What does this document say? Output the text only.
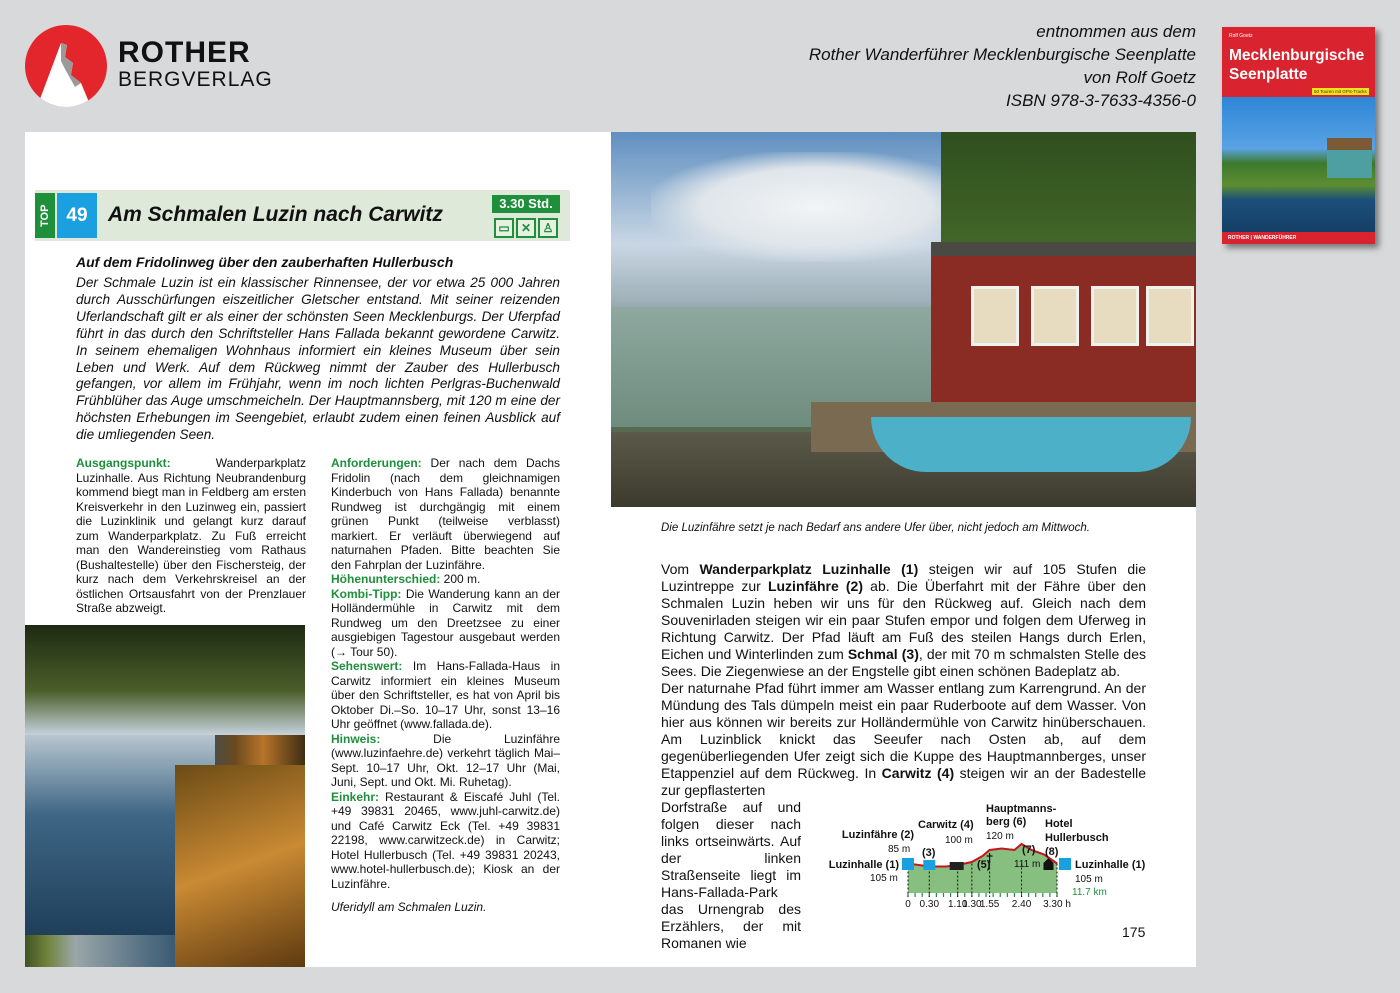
ROTHER
BERGVERLAG
entnommen aus dem
Rother Wanderführer Mecklenburgische Seenplatte
von Rolf Goetz
ISBN 978-3-7633-4356-0
Rolf Goetz
Mecklenburgische
Seenplatte
50 Touren mit GPS-Tracks
ROTHER | WANDERFÜHRER
TOP 49 Am Schmalen Luzin nach Carwitz	3.30 Std.
▭ ✕ ♙
Auf dem Fridolinweg über den zauberhaften Hullerbusch
Der Schmale Luzin ist ein klassischer Rinnensee, der vor etwa 25 000 Jahren durch Ausschürfungen eiszeitlicher Gletscher entstand. Mit seiner reizenden Uferlandschaft gilt er als einer der schönsten Seen Mecklenburgs. Der Uferpfad führt in das durch den Schriftsteller Hans Fallada bekannt gewordene Carwitz. In seinem ehemaligen Wohnhaus informiert ein kleines Museum über sein Leben und Werk. Auf dem Rückweg nimmt der Zauber des Hullerbusch gefangen, vor allem im Frühjahr, wenn im noch lichten Perlgras-Buchenwald Frühblüher das Auge umschmeicheln. Der Hauptmannsberg, mit 120 m eine der höchsten Erhebungen im Seengebiet, erlaubt zudem einen feinen Ausblick auf die umliegenden Seen.
Ausgangspunkt: Wanderparkplatz Luzinhalle. Aus Richtung Neubrandenburg kommend biegt man in Feldberg am ersten Kreisverkehr in den Luzinweg ein, passiert die Luzinklinik und gelangt kurz darauf zum Wanderparkplatz. Zu Fuß erreicht man den Wandereinstieg vom Rathaus (Bushaltestelle) über den Fischersteig, der kurz nach dem Verkehrskreisel an der östlichen Ortsausfahrt von der Prenzlauer Straße abzweigt.
Anforderungen: Der nach dem Dachs Fridolin (nach dem gleichnamigen Kinderbuch von Hans Fallada) benannte Rundweg ist durchgängig mit einem grünen Punkt (teilweise verblasst) markiert. Er verläuft überwiegend auf naturnahen Pfaden. Bitte beachten Sie den Fahrplan der Luzinfähre.
Höhenunterschied: 200 m.
Kombi-Tipp: Die Wanderung kann an der Holländermühle in Carwitz mit dem Rundweg um den Dreetzsee zu einer ausgiebigen Tagestour ausgebaut werden (→ Tour 50).
Sehenswert: Im Hans-Fallada-Haus in Carwitz informiert ein kleines Museum über den Schriftsteller, es hat von April bis Oktober Di.–So. 10–17 Uhr, sonst 13–16 Uhr geöffnet (www.fallada.de).
Hinweis: Die Luzinfähre (www.luzinfaehre.de) verkehrt täglich Mai–Sept. 10–17 Uhr, Okt. 12–17 Uhr (Mai, Juni, Sept. und Okt. Mi. Ruhetag).
Einkehr: Restaurant & Eiscafé Juhl (Tel. +49 39831 20465, www.juhl-carwitz.de) und Café Carwitz Eck (Tel. +49 39831 22198, www.carwitzeck.de) in Carwitz; Hotel Hullerbusch (Tel. +49 39831 20243, www.hotel-hullerbusch.de); Kiosk an der Luzinfähre.
Uferidyll am Schmalen Luzin.
Die Luzinfähre setzt je nach Bedarf ans andere Ufer über, nicht jedoch am Mittwoch.
Vom Wanderparkplatz Luzinhalle (1) steigen wir auf 105 Stufen die Luzintreppe zur Luzinfähre (2) ab. Die Überfahrt mit der Fähre über den Schmalen Luzin heben wir uns für den Rückweg auf. Gleich nach dem Souvenirladen steigen wir ein paar Stufen empor und folgen dem Uferweg in Richtung Carwitz. Der Pfad läuft am Fuß des steilen Hangs durch Erlen, Eichen und Winterlinden zum Schmal (3), der mit 70 m schmalsten Stelle des Sees. Die Ziegenwiese an der Engstelle gibt einen schönen Badeplatz ab.
Der naturnahe Pfad führt immer am Wasser entlang zum Karrengrund. An der Mündung des Tals dümpeln meist ein paar Ruderboote auf dem Wasser. Von hier aus können wir bereits zur Holländermühle von Carwitz hinüberschauen. Am Luzinblick knickt das Seeufer nach Osten ab, auf dem gegenüberliegenden Ufer zeigt sich die Kuppe des Hauptmannberges, unser Etappenziel auf dem Rückweg. In Carwitz (4) steigen wir an der Badestelle zur gepflasterten
Dorfstraße auf und folgen dieser nach links ortseinwärts. Auf der linken Straßenseite liegt im Hans-Fallada-Park das Urnengrab des Erzählers, der mit Romanen wie
0 0.30 1.10
1.30
1.55 2.40 3.30 h
Luzinhalle (1)
105 m
Luzinfähre (2)
85 m (3)
Carwitz (4)
100 m
(5)
Hauptmanns-
berg (6)
120 m
(7)
111 m
Hotel
Hullerbusch
(8)
Luzinhalle (1)
105 m
11.7 km
175
